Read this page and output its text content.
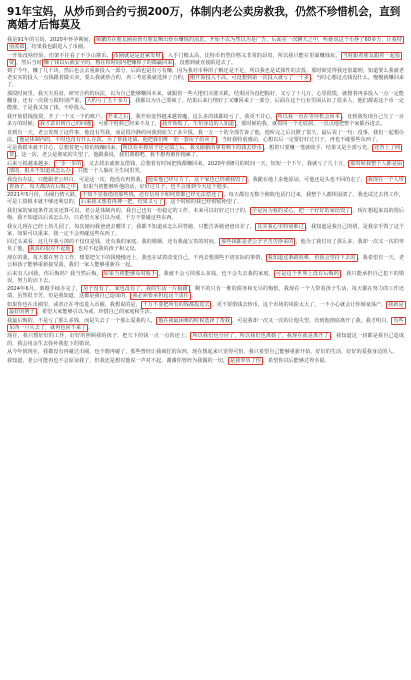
91年宝妈，从炒币到合约亏损200万，体制内老公卖房救我，仍然不珍惜机会，直到离婚才后悔莫及

我是91年的宝妈，2020年怀孕期间， 频繁的在朋友圈看到有朋友晒出炒币赚钱的消息，开始不以为然以为是广告，后面在一次聊天之中，听她说这个币挣了60多万，让我特别羡慕 ，结果我也跟进入了币圈。

一开始没啥经验，但架不住看了不少山寨币， 币圈就是是赶紧发财 ，入手门槛太高，比特币仍然价格又非常的昂贵，所以我只能在里面赚钱玩， 当时跟着朋友跟着一起投资 ，然后当时 赚了钱以后就安全的，想在短时间内把赚掉了的都赢回来 ，没想到就直接陷进去了。

到了今年，赚了几千块，然后也会去重新投入一部分，后面也是有亏有赚，因为我对币种的了解还是不足，所以我也是试探性的去投。那时候觉得我还很聪明，知道要么我就老老实实的投入一点钱跟着做买卖，要么我就炒合约，再三考虑我就选择了合约， 刚开始投入不高，可没想到第一次投入就亏了一千多 ，当时心想这点钱没什么，慢慢就赚回来了。

那段时间里，我天天看盘，研究合约的玩法，以为自己能够赚回本来，就跟着一些大佬们买涨买跌，结果因为没把握好，又亏了十几万，心里很慌，就想着再多投入一点一定能翻身，还有一次我亏损特别严重， 大约亏了五十多万 ，我都以为自己要疯了，结果后来行情好了又赚回来了一部分，后面在这个行业里面认识了很多人，他们都说这个币一定能涨，于是我又加了钱，不停投入。

我开始借钱投资，开了一个又一个的账户， 开来之后 ，我开始变得越来越着魔，这么多的钱都给亏了，我更不甘心， 所以我一直在等待机会回本 ，直到我发现自己欠了一百多万的时候， 我才意识到自己的问题 ，可那个时候已经来不及了， 我开始慌了，生怕身边的人知道 。那时候的我，就如同一个无底洞，一点点地把整个家都吞进去。

直到有一天，老公发现了这件事，他没有骂我，而是很冷静的问我到底欠了多少钱，我一五一十的全部告诉了他，他听完之后沉默了很久，最后说了一句：没事，我们一起想办法。 他是体制内的，平时也没有什么存款，为了帮我还债，他把我们唯一的一套房子给卖了 ，当时我特别感动，心想以后一定要好好过日子，再也不碰那些东西了。

可是我根本就不甘心，总想着把亏掉的钱赚回来， 所以在卖掉房子还完债之后，我又偷偷的拿着剩下的钱去炒币 ，想着只要赚一笔就收手，结果又是全部亏光， 还背上了网贷 。这一次，老公是彻底的失望了，他跟我说，我们离婚吧，我不想再被你拖累了。

后来亏损越来越多， 一步一步的 ，又去找亲戚朋友借钱，总想着有时间把钱都赚回来，2020年到8月的时间一天，短短一个下午，我就亏了几十万， 那时候我整个人都是崩溃的，根本不知道该怎么办 ，只能一个人躲在卫生间里哭。

我没有办法，只能跟老公坦白，可是这一次，他没有再帮我， 他说他已经尽力了，这个家也已经被我毁了 ，我跪在地上求他原谅，可他还是头也不回的走了， 我现在一个人带着孩子，每天都活在后悔之中 ，如果当初能够听他的话，好好过日子，也不会落到今天这个地步。

2021年5月份，币圈行情大跌， 不知不觉我借的那些钱，还有信用卡和网贷都已经无法偿还了 ，每天都有无数个催收电话打过来，我整个人都快崩溃了，我也试过去找工作，可是工资根本就不够还利息的， 后来我又想着再搏一把，结果又亏了 ，这个时候的我已经彻底绝望了。

我们家的家庭条件其实还算可以，老公是体制内的，我自己也有一份稳定的工作，本来可以好好过日子的， 全是因为我的贪心，把一个好好的家给毁了 ，现在想起来真的很后悔，我不知道以后该怎么办，只希望大家引以为戒，千万不要碰这些东西。

我女儿现在已经上幼儿园了，每次她问我爸爸去哪里了，我都不知道该怎么回答她，只能告诉她爸爸出差了， 其实我心里特别难过 ，我知道是我自己的错，是我亲手毁了这个家，如果可以重来，我一定不会再碰这些东西了。

回过头来看，这几年我亏掉的不仅仅是钱，还有我的家庭、我的婚姻，还有我最宝贵的时间， 那些钱都是老公辛辛苦苦挣来的 ，他为了我付出了那么多，我却一次又一次的辜负了他， 我真的很对不起他 ，也对不起我的孩子和父母。

现在的我，每天都在努力工作，想要把欠下的钱慢慢还上，我也在试着改变自己，不再去想那些不切实际的事情， 我知道这条路很难，但我会坚持下去的 ，我希望有一天，老公和孩子能够重新接受我，我们一家人能够重新在一起。

后来有人问我，你后悔吗？我当然后悔， 如果当初能够及时收手 ，我就不会亏掉那么多钱，也不会失去我的家庭， 可是这个世界上没有后悔药 ，我只能承担自己犯下的错误，努力的活下去。

2024年6月，离婚手续办完了， 房子没有了，家也没有了，我的生活一片狼藉 ，剩下的只有一堆的债务和无尽的悔恨，我现在一个人带着孩子生活，每天都在努力的工作还债，虽然很辛苦，但是我知道，这都是我自己造成的， 我必须要承担起这个责任 。

如果你也在币圈里，或者正在考虑进入币圈，我想说的是， 千万不要把所有的钱都投进去 ，更不要借钱去炒币，这个市场的风险太大了，一不小心就会让你倾家荡产， 我就是最好的例子 ，希望大家能够引以为戒，珍惜自己的家庭和生活。

我最后悔的，不是亏了那么多钱，而是失去了一个那么爱我的人， 他在我最困难的时候选择了帮我 ，可是我却一次又一次的让他失望，直到他彻底离开了我，我才明白， 有些东西一旦失去了，就再也回不来了 。

现在，我只想好好的工作，好好的照顾我的孩子，把欠下的钱一点一点的还上， 所以我们也分居了，所以我们也离婚了，我现在就是离开了 ，我知道这一切都是我自己造成的，我会用余生去弥补我犯下的错误。

从今年到现在，我都没有再碰过币圈，也不想再碰了，那些曾经让我疯狂的东西，现在想起来只觉得可怕，我只希望自己能够重新开始，好好的生活，好好的爱我身边的人。

我知道，老公可能再也不会原谅我了，但我还是想对他说一声对不起，谢谢你曾经为我做的一切， 是我辜负了你 ，希望你以后能够过得幸福。
